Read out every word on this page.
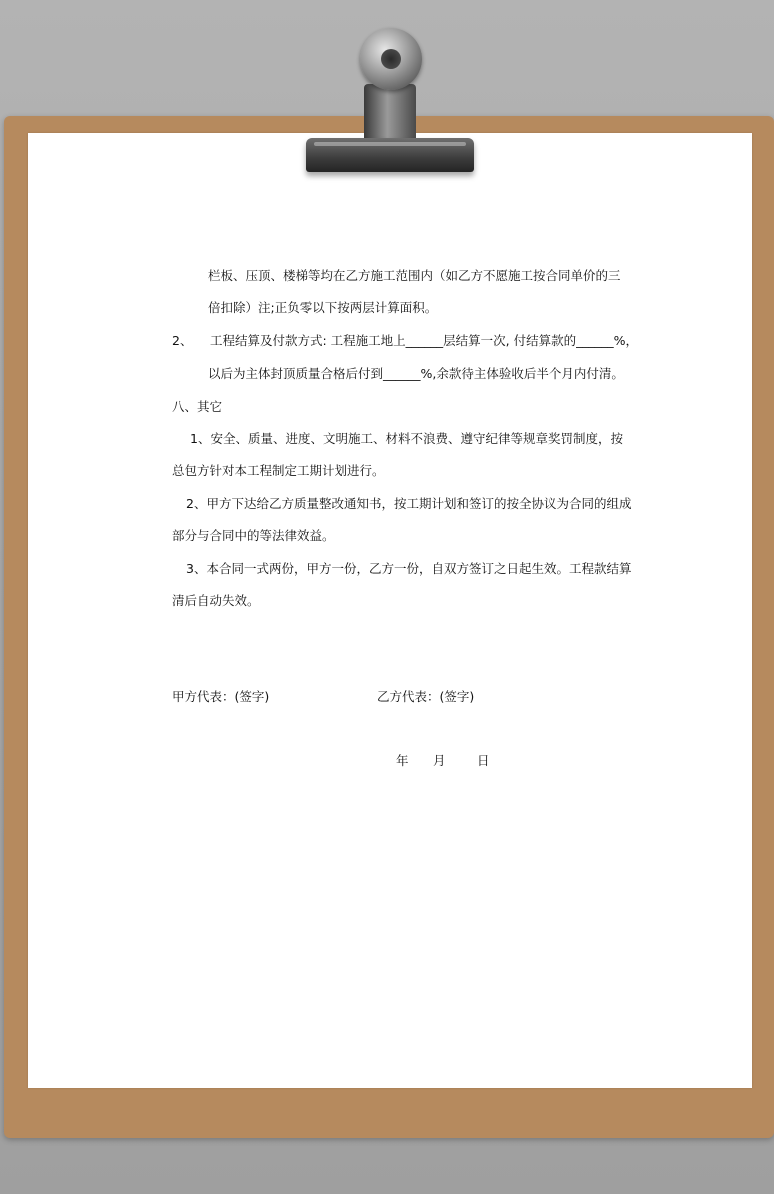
栏板、压顶、楼梯等均在乙方施工范围内（如乙方不愿施工按合同单价的三
倍扣除）注;正负零以下按两层计算面积。
2、 工程结算及付款方式: 工程施工地上______层结算一次, 付结算款的______%，
以后为主体封顶质量合格后付到______%,余款待主体验收后半个月内付清。
八、其它
1、安全、质量、进度、文明施工、材料不浪费、遵守纪律等规章奖罚制度，按
总包方针对本工程制定工期计划进行。
2、甲方下达给乙方质量整改通知书，按工期计划和签订的按全协议为合同的组成
部分与合同中的等法律效益。
3、本合同一式两份，甲方一份，乙方一份，自双方签订之日起生效。工程款结算
清后自动失效。
甲方代表：(签字)	乙方代表：(签字)
年 月	日
